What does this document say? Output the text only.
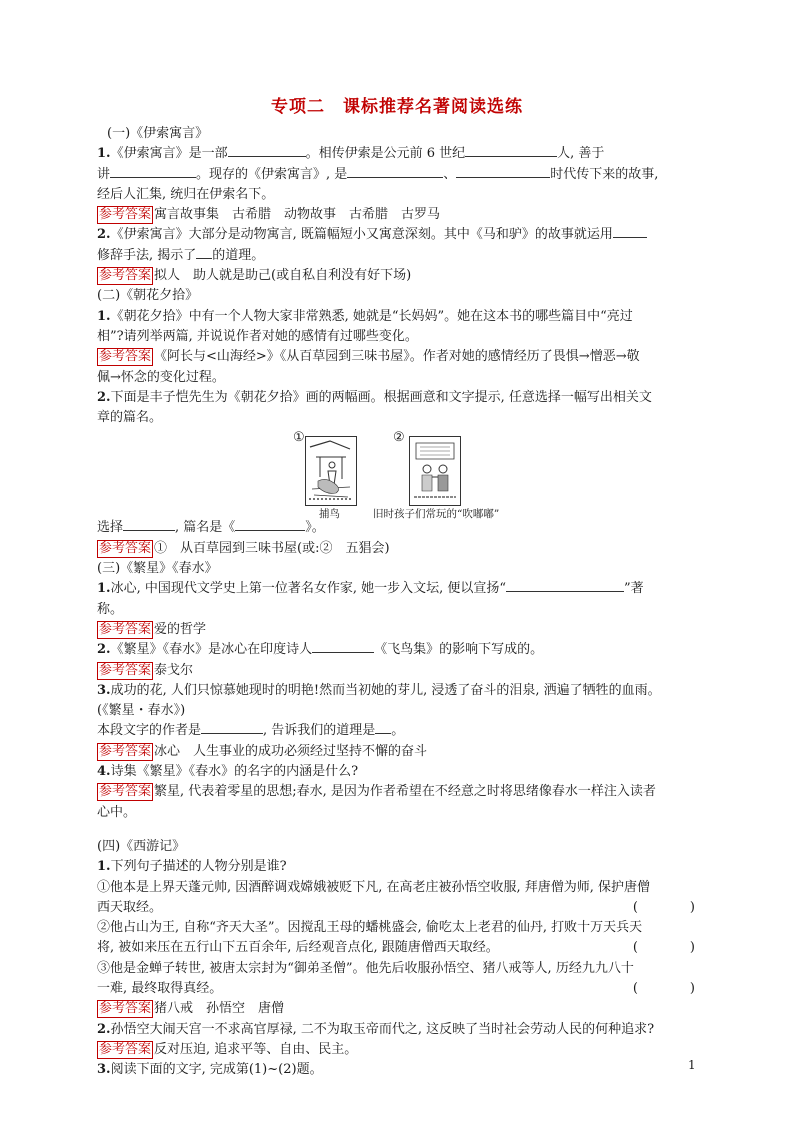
专项二　课标推荐名著阅读选练
(一)《伊索寓言》
1.《伊索寓言》是一部	。相传伊索是公元前 6 世纪	人, 善于
讲	。现存的《伊索寓言》, 是	、	时代传下来的故事,
经后人汇集, 统归在伊索名下。
参考答案 寓言故事集　古希腊　动物故事　古希腊　古罗马
2.《伊索寓言》大部分是动物寓言, 既篇幅短小又寓意深刻。其中《马和驴》的故事就运用
修辞手法, 揭示了 的道理。
参考答案 拟人　助人就是助己(或自私自利没有好下场)
(二)《朝花夕拾》
1.《朝花夕拾》中有一个人物大家非常熟悉, 她就是“长妈妈”。她在这本书的哪些篇目中“亮过
相”?请列举两篇, 并说说作者对她的感情有过哪些变化。
参考答案 《阿长与<山海经>》《从百草园到三味书屋》。作者对她的感情经历了畏惧→憎恶→敬
佩→怀念的变化过程。
2.下面是丰子恺先生为《朝花夕拾》画的两幅画。根据画意和文字提示, 任意选择一幅写出相关文
章的篇名。
①
捕鸟
②
旧时孩子们常玩的“吹嘟嘟”
选择	, 篇名是《	》。
参考答案 ①　从百草园到三味书屋(或:②　五猖会)
(三)《繁星》《春水》
1.冰心, 中国现代文学史上第一位著名女作家, 她一步入文坛, 便以宣扬“	”著
称。
参考答案 爱的哲学
2.《繁星》《春水》是冰心在印度诗人	《飞鸟集》的影响下写成的。
参考答案 泰戈尔
3.成功的花, 人们只惊慕她现时的明艳!然而当初她的芽儿, 浸透了奋斗的泪泉, 洒遍了牺牲的血雨。
(《繁星・春水》)
本段文字的作者是	, 告诉我们的道理是 。
参考答案 冰心　人生事业的成功必须经过坚持不懈的奋斗
4.诗集《繁星》《春水》的名字的内涵是什么?
参考答案 繁星, 代表着零星的思想;春水, 是因为作者希望在不经意之时将思绪像春水一样注入读者
心中。
(四)《西游记》
1.下列句子描述的人物分别是谁?
①他本是上界天蓬元帅, 因酒醉调戏嫦娥被贬下凡, 在高老庄被孙悟空收服, 拜唐僧为师, 保护唐僧
西天取经。	(　　　　)
②他占山为王, 自称“齐天大圣”。因搅乱王母的蟠桃盛会, 偷吃太上老君的仙丹, 打败十万天兵天
将, 被如来压在五行山下五百余年, 后经观音点化, 跟随唐僧西天取经。	(　　　　)
③他是金蝉子转世, 被唐太宗封为“御弟圣僧”。他先后收服孙悟空、猪八戒等人, 历经九九八十
一难, 最终取得真经。	(　　　　)
参考答案 猪八戒　孙悟空　唐僧
2.孙悟空大闹天宫一不求高官厚禄, 二不为取玉帝而代之, 这反映了当时社会劳动人民的何种追求?
参考答案 反对压迫, 追求平等、自由、民主。
3.阅读下面的文字, 完成第(1)~(2)题。	1
